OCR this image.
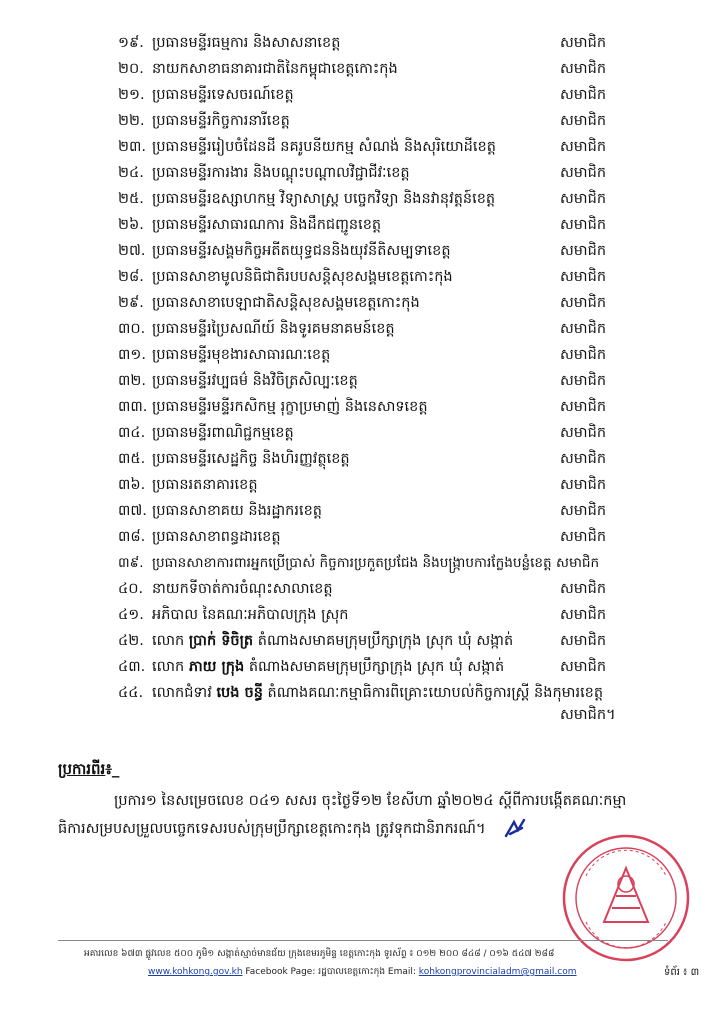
១៩. ប្រធានមន្ទីរធម្មការ និងសាសនាខេត្ត	សមាជិក
២០. នាយកសាខាធនាគារជាតិនៃកម្ពុជាខេត្តកោះកុង	សមាជិក
២១. ប្រធានមន្ទីរទេសចរណ៍ខេត្ត	សមាជិក
២២. ប្រធានមន្ទីរកិច្ចការនារីខេត្ត	សមាជិក
២៣. ប្រធានមន្ទីររៀបចំដែនដី នគរូបនីយកម្ម សំណង់ និងសុរិយោដីខេត្ត	សមាជិក
២៤. ប្រធានមន្ទីរការងារ និងបណ្តុះបណ្តាលវិជ្ជាជីវៈខេត្ត	សមាជិក
២៥. ប្រធានមន្ទីរឧស្សាហកម្ម វិទ្យាសាស្ត្រ បច្ចេកវិទ្យា និងនវានុវត្តន៍ខេត្ត	សមាជិក
២៦. ប្រធានមន្ទីរសាធារណការ និងដឹកជញ្ជូនខេត្ត	សមាជិក
២៧. ប្រធានមន្ទីរសង្គមកិច្ចអតីតយុទ្ធជននិងយុវនីតិសម្បទាខេត្ត	សមាជិក
២៨. ប្រធានសាខាមូលនិធិជាតិរបបសន្តិសុខសង្គមខេត្តកោះកុង	សមាជិក
២៩. ប្រធានសាខាបេឡាជាតិសន្តិសុខសង្គមខេត្តកោះកុង	សមាជិក
៣០. ប្រធានមន្ទីរប្រៃសណីយ៍ និងទូរគមនាគមន៍ខេត្ត	សមាជិក
៣១. ប្រធានមន្ទីរមុខងារសាធារណៈខេត្ត	សមាជិក
៣២. ប្រធានមន្ទីរវប្បធម៌ និងវិចិត្រសិល្បៈខេត្ត	សមាជិក
៣៣. ប្រធានមន្ទីរមន្ទីរកសិកម្ម រុក្ខាប្រមាញ់ និងនេសាទខេត្ត	សមាជិក
៣៤. ប្រធានមន្ទីរពាណិជ្ជកម្មខេត្ត	សមាជិក
៣៥. ប្រធានមន្ទីរសេដ្ឋកិច្ច និងហិរញ្ញវត្ថុខេត្ត	សមាជិក
៣៦. ប្រធានរតនាគារខេត្ត	សមាជិក
៣៧. ប្រធានសាខាគយ និងរដ្ឋាករខេត្ត	សមាជិក
៣៨. ប្រធានសាខាពន្ធដារខេត្ត	សមាជិក
៣៩. ប្រធានសាខាការពារអ្នកប្រើប្រាស់ កិច្ចការប្រកួតប្រជែង និងបង្ក្រាបការក្លែងបន្លំខេត្ត សមាជិក
៤០. នាយកទីចាត់ការចំណុះសាលាខេត្ត	សមាជិក
៤១. អភិបាល នៃគណៈអភិបាលក្រុង ស្រុក	សមាជិក
៤២. លោក ប្រាក់ ទិចិត្រ តំណាងសមាគមក្រុមប្រឹក្សាក្រុង ស្រុក ឃុំ សង្កាត់	សមាជិក
៤៣. លោក ភាយ ក្រុង តំណាងសមាគមក្រុមប្រឹក្សាក្រុង ស្រុក ឃុំ សង្កាត់	សមាជិក
៤៤. លោកជំទាវ បេង ចន្ធី តំណាងគណៈកម្មាធិការពិគ្រោះយោបល់កិច្ចការស្ត្រី និងកុមារខេត្ត
សមាជិក។
ប្រការពីរ៖_
ប្រការ១ នៃសម្រេចលេខ ០៤១ សសរ ចុះថ្ងៃទី១២ ខែសីហា ឆ្នាំ២០២៤ ស្តីពីការបង្កើតគណៈកម្មា
ធិការសម្របសម្រួលបច្ចេកទេសរបស់ក្រុមប្រឹក្សាខេត្តកោះកុង ត្រូវទុកជានិរាករណ៍។
អគារលេខ ៦៧៣ ផ្លូវលេខ ៥០០ ភូមិ១ សង្កាត់ស្មាច់មានជ័យ ក្រុងខេមរភូមិន្ទ ខេត្តកោះកុង ទូរស័ព្ទ ៖ ០១២ ២០០ ៨៤៨ / ០១៦ ៥៤៧ ២៨៨
www.kohkong.gov.kh Facebook Page: រដ្ឋបាលខេត្តកោះកុង Email: kohkongprovincialadm@gmail.com	ទំព័រ ៖ ៣
